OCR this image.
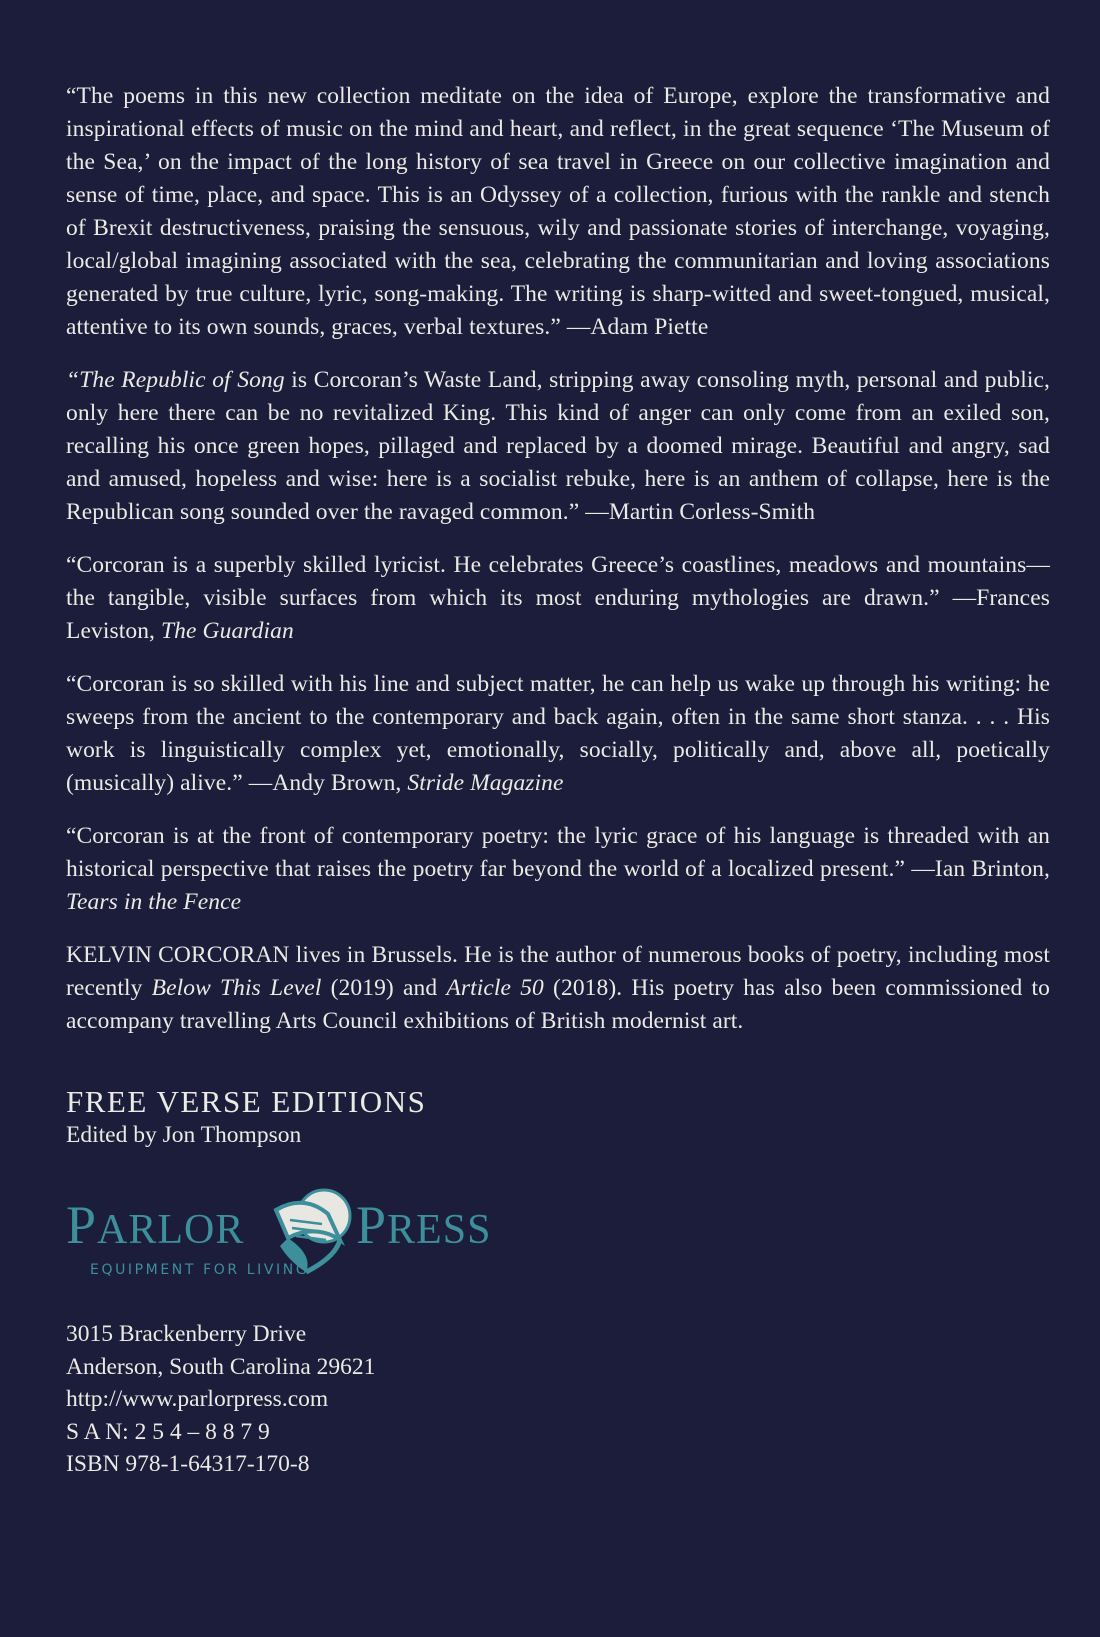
“The poems in this new collection meditate on the idea of Europe, explore the transformative and inspirational effects of music on the mind and heart, and reflect, in the great sequence ‘The Museum of the Sea,’ on the impact of the long history of sea travel in Greece on our collective imagination and sense of time, place, and space. This is an Odyssey of a collection, furious with the rankle and stench of Brexit destructiveness, praising the sensuous, wily and passionate stories of interchange, voyaging, local/global imagining associated with the sea, celebrating the communitarian and loving associations generated by true culture, lyric, song-making. The writing is sharp-witted and sweet-tongued, musical, attentive to its own sounds, graces, verbal textures.” —Adam Piette

“The Republic of Song is Corcoran’s Waste Land, stripping away consoling myth, personal and public, only here there can be no revitalized King. This kind of anger can only come from an exiled son, recalling his once green hopes, pillaged and replaced by a doomed mirage. Beautiful and angry, sad and amused, hopeless and wise: here is a socialist rebuke, here is an anthem of collapse, here is the Republican song sounded over the ravaged common.” —Martin Corless-Smith

“Corcoran is a superbly skilled lyricist. He celebrates Greece’s coastlines, meadows and mountains—the tangible, visible surfaces from which its most enduring mythologies are drawn.” —Frances Leviston, The Guardian

“Corcoran is so skilled with his line and subject matter, he can help us wake up through his writing: he sweeps from the ancient to the contemporary and back again, often in the same short stanza. . . . His work is linguistically complex yet, emotionally, socially, politically and, above all, poetically (musically) alive.” —Andy Brown, Stride Magazine

“Corcoran is at the front of contemporary poetry: the lyric grace of his language is threaded with an historical perspective that raises the poetry far beyond the world of a localized present.” —Ian Brinton, Tears in the Fence

KELVIN CORCORAN lives in Brussels. He is the author of numerous books of poetry, including most recently Below This Level (2019) and Article 50 (2018). His poetry has also been commissioned to accompany travelling Arts Council exhibitions of British modernist art.

FREE VERSE EDITIONS

Edited by Jon Thompson

PARLOR PRESS
EQUIPMENT FOR LIVING

3015 Brackenberry Drive

Anderson, South Carolina 29621

http://www.parlorpress.com

S A N: 2 5 4 – 8 8 7 9

ISBN 978-1-64317-170-8
